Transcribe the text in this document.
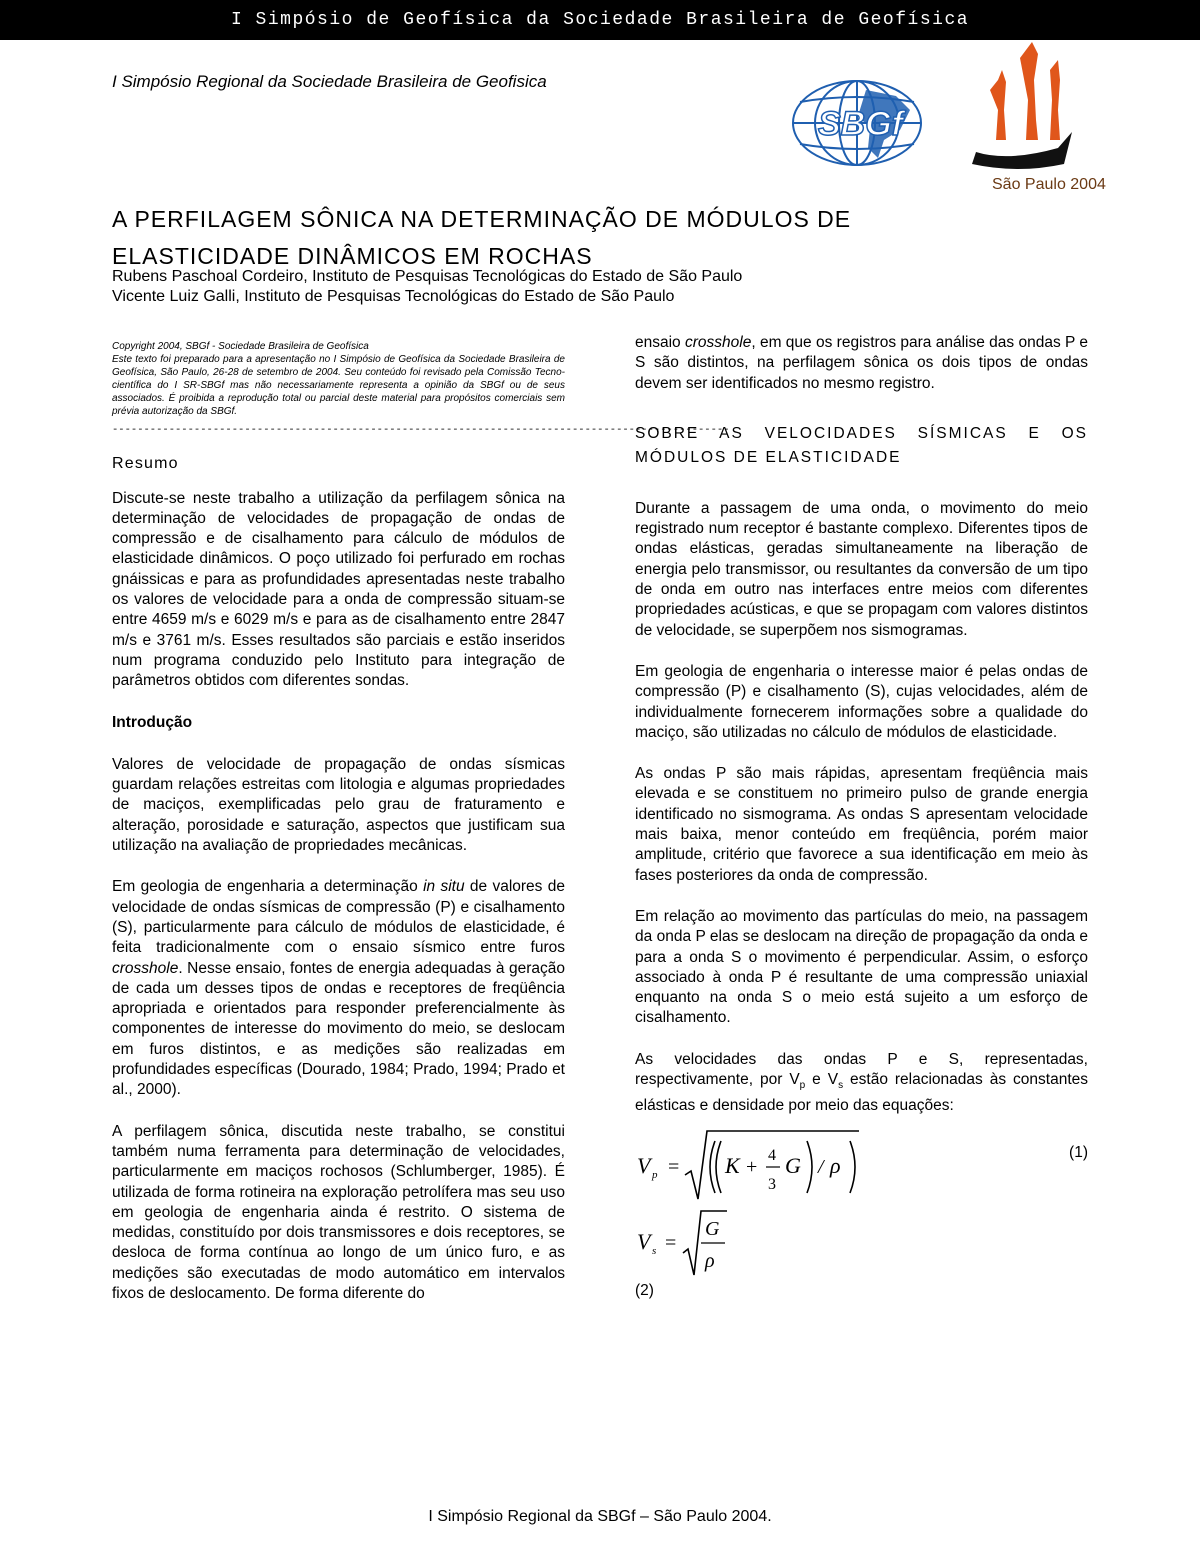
I Simpósio de Geofísica da Sociedade Brasileira de Geofísica
I Simpósio Regional da Sociedade Brasileira de Geofisica
SBGf
São Paulo 2004
A PERFILAGEM SÔNICA NA DETERMINAÇÃO DE MÓDULOS DE
ELASTICIDADE DINÂMICOS EM ROCHAS
Rubens Paschoal Cordeiro, Instituto de Pesquisas Tecnológicas do Estado de São Paulo
Vicente Luiz Galli, Instituto de Pesquisas Tecnológicas do Estado de São Paulo

Copyright 2004, SBGf - Sociedade Brasileira de Geofísica

Este texto foi preparado para a apresentação no I Simpósio de Geofísica da Sociedade Brasileira de Geofísica, São Paulo, 26-28 de setembro de 2004. Seu conteúdo foi revisado pela Comissão Tecno-científica do I SR-SBGf mas não necessariamente representa a opinião da SBGf ou de seus associados. É proibida a reprodução total ou parcial deste material para propósitos comerciais sem prévia autorização da SBGf.

--------------------------------------------------------------------------------------------------
Resumo

Discute-se neste trabalho a utilização da perfilagem sônica na determinação de velocidades de propagação de ondas de compressão e de cisalhamento para cálculo de módulos de elasticidade dinâmicos. O poço utilizado foi perfurado em rochas gnáissicas e para as profundidades apresentadas neste trabalho os valores de velocidade para a onda de compressão situam-se entre 4659 m/s e 6029 m/s e para as de cisalhamento entre 2847 m/s e 3761 m/s. Esses resultados são parciais e estão inseridos num programa conduzido pelo Instituto para integração de parâmetros obtidos com diferentes sondas.

Introdução

Valores de velocidade de propagação de ondas sísmicas guardam relações estreitas com litologia e algumas propriedades de maciços, exemplificadas pelo grau de fraturamento e alteração, porosidade e saturação, aspectos que justificam sua utilização na avaliação de propriedades mecânicas.

Em geologia de engenharia a determinação in situ de valores de velocidade de ondas sísmicas de compressão (P) e cisalhamento (S), particularmente para cálculo de módulos de elasticidade, é feita tradicionalmente com o ensaio sísmico entre furos crosshole. Nesse ensaio, fontes de energia adequadas à geração de cada um desses tipos de ondas e receptores de freqüência apropriada e orientados para responder preferencialmente às componentes de interesse do movimento do meio, se deslocam em furos distintos, e as medições são realizadas em profundidades específicas (Dourado, 1984; Prado, 1994; Prado et al., 2000).

A perfilagem sônica, discutida neste trabalho, se constitui também numa ferramenta para determinação de velocidades, particularmente em maciços rochosos (Schlumberger, 1985). É utilizada de forma rotineira na exploração petrolífera mas seu uso em geologia de engenharia ainda é restrito. O sistema de medidas, constituído por dois transmissores e dois receptores, se desloca de forma contínua ao longo de um único furo, e as medições são executadas de modo automático em intervalos fixos de deslocamento. De forma diferente do

ensaio crosshole, em que os registros para análise das ondas P e S são distintos, na perfilagem sônica os dois tipos de ondas devem ser identificados no mesmo registro.

SOBRE AS VELOCIDADES SÍSMICAS E OS MÓDULOS DE ELASTICIDADE

Durante a passagem de uma onda, o movimento do meio registrado num receptor é bastante complexo. Diferentes tipos de ondas elásticas, geradas simultaneamente na liberação de energia pelo transmissor, ou resultantes da conversão de um tipo de onda em outro nas interfaces entre meios com diferentes propriedades acústicas, e que se propagam com valores distintos de velocidade, se superpõem nos sismogramas.

Em geologia de engenharia o interesse maior é pelas ondas de compressão (P) e cisalhamento (S), cujas velocidades, além de individualmente fornecerem informações sobre a qualidade do maciço, são utilizadas no cálculo de módulos de elasticidade.

As ondas P são mais rápidas, apresentam freqüência mais elevada e se constituem no primeiro pulso de grande energia identificado no sismograma. As ondas S apresentam velocidade mais baixa, menor conteúdo em freqüência, porém maior amplitude, critério que favorece a sua identificação em meio às fases posteriores da onda de compressão.

Em relação ao movimento das partículas do meio, na passagem da onda P elas se deslocam na direção de propagação da onda e para a onda S o movimento é perpendicular. Assim, o esforço associado à onda P é resultante de uma compressão uniaxial enquanto na onda S o meio está sujeito a um esforço de cisalhamento.

As velocidades das ondas P e S, representadas, respectivamente, por $V_p$ e $V_s$ estão relacionadas às constantes elásticas e densidade por meio das equações:

V p = K +
4
3
G / ρ
(1)
V s =
G
ρ
(2)
I Simpósio Regional da SBGf – São Paulo 2004.
